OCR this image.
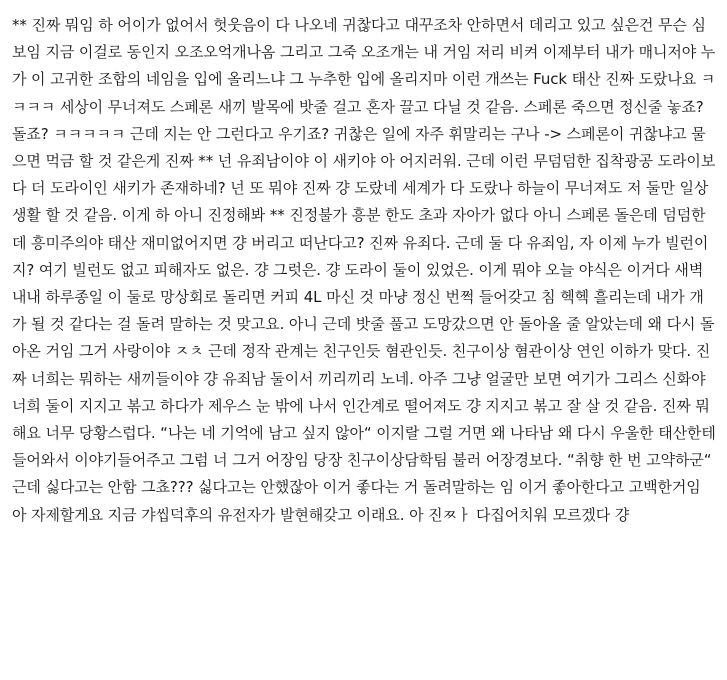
** 진짜 뭐임 하 어이가 없어서 헛웃음이 다 나오네 귀찮다고 대꾸조차 안하면서 데리고 있고 싶은건 무슨 심보임 지금 이걸로 동인지 오조오억개나옴 그리고 그죽 오조개는 내 거임 저리 비켜 이제부터 내가 매니저야 누가 이 고귀한 조합의 네임을 입에 올리느냐 그 누추한 입에 올리지마 이런 개쓰는 Fuck 태산 진짜 도랐나요 ㅋㅋㅋㅋ 세상이 무너져도 스페론 새끼 발목에 밧줄 걸고 혼자 끌고 다닐 것 같음. 스페론 죽으면 정신줄 놓죠? 돌죠? ㅋㅋㅋㅋㅋ 근데 지는 안 그런다고 우기죠? 귀찮은 일에 자주 휘말리는 구나 -> 스페론이 귀찮냐고 물으면 먹금 할 것 같은게 진짜 ** 넌 유죄남이야 이 새키야 아 어지러워. 근데 이런 무덤덤한 집착광공 도라이보다 더 도라이인 새키가 존재하네? 넌 또 뭐야 진짜 걍 도랐네 세계가 다 도랐나 하늘이 무너져도 저 둘만 일상생활 할 것 같음. 이게 하 아니 진정해봐 ** 진정불가 흥분 한도 초과 자아가 없다 아니 스페론 돌은데 덤덤한데 흥미주의야 태산 재미없어지면 걍 버리고 떠난다고? 진짜 유죄다. 근데 둘 다 유죄임, 자 이제 누가 빌런이지? 여기 빌런도 없고 피해자도 없은. 걍 그럿은. 걍 도라이 둘이 있었은. 이게 뭐야 오늘 야식은 이거다 새벽 내내 하루종일 이 둘로 망상회로 돌리면 커피 4L 마신 것 마냥 정신 번쩍 들어갖고 침 헥헥 흘리는데 내가 개가 될 것 같다는 걸 돌려 말하는 것 맞고요. 아니 근데 밧줄 풀고 도망갔으면 안 돌아올 줄 알았는데 왜 다시 돌아온 거임 그거 사랑이야 ㅈㅊ 근데 정작 관계는 친구인듯 혐관인듯. 친구이상 혐관이상 연인 이하가 맞다. 진짜 너희는 뭐하는 새끼들이야 걍 유죄남 둘이서 끼리끼리 노네. 아주 그냥 얼굴만 보면 여기가 그리스 신화야 너희 둘이 지지고 볶고 하다가 제우스 눈 밖에 나서 인간계로 떨어져도 걍 지지고 볶고 잘 살 것 같음. 진짜 뭐해요 너무 당황스럽다. “나는 네 기억에 남고 싶지 않아“ 이지랄 그럴 거면 왜 나타남 왜 다시 우울한 태산한테 들어와서 이야기들어주고 그럼 너 그거 어장임 당장 친구이상담학팀 불러 어장경보다. “취향 한 번 고약하군“ 근데 싫다고는 안함 그쵸??? 싫다고는 안했잖아 이거 좋다는 거 돌려말하는 임 이거 좋아한다고 고백한거임 아 자제할게요 지금 갸씹덕후의 유전자가 발현해갖고 이래요. 아 진ㅉㅏ 다집어치워 모르겠다 걍
